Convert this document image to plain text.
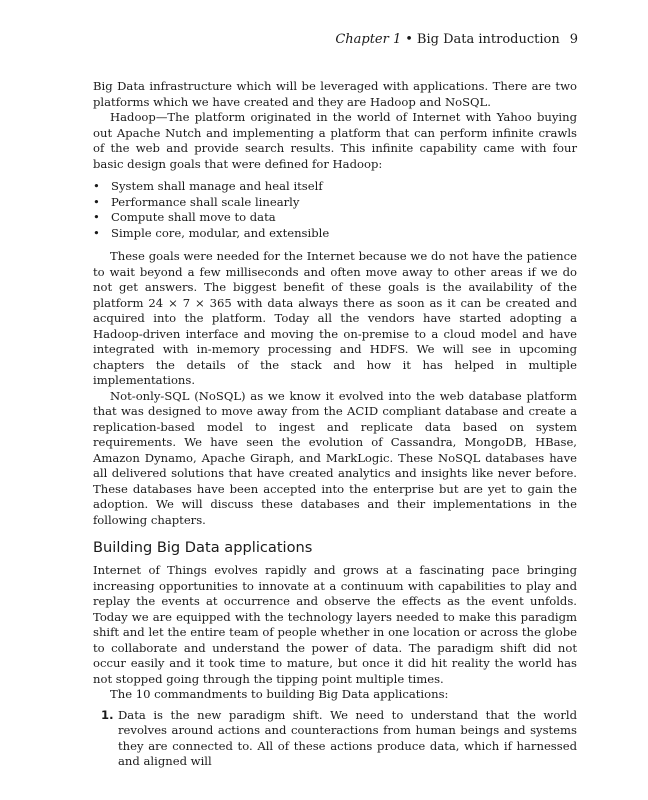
Chapter 1 • Big Data introduction 9

Big Data infrastructure which will be leveraged with applications. There are two platforms which we have created and they are Hadoop and NoSQL.

Hadoop—The platform originated in the world of Internet with Yahoo buying out Apache Nutch and implementing a platform that can perform infinite crawls of the web and provide search results. This infinite capability came with four basic design goals that were defined for Hadoop:

• System shall manage and heal itself
• Performance shall scale linearly
• Compute shall move to data
• Simple core, modular, and extensible

These goals were needed for the Internet because we do not have the patience to wait beyond a few milliseconds and often move away to other areas if we do not get answers. The biggest benefit of these goals is the availability of the platform 24 × 7 × 365 with data always there as soon as it can be created and acquired into the platform. Today all the vendors have started adopting a Hadoop-driven interface and moving the on-premise to a cloud model and have integrated with in-memory processing and HDFS. We will see in upcoming chapters the details of the stack and how it has helped in multiple implementations.

Not-only-SQL (NoSQL) as we know it evolved into the web database platform that was designed to move away from the ACID compliant database and create a replication-based model to ingest and replicate data based on system requirements. We have seen the evolution of Cassandra, MongoDB, HBase, Amazon Dynamo, Apache Giraph, and MarkLogic. These NoSQL databases have all delivered solutions that have created analytics and insights like never before. These databases have been accepted into the enterprise but are yet to gain the adoption. We will discuss these databases and their implementations in the following chapters.

Building Big Data applications

Internet of Things evolves rapidly and grows at a fascinating pace bringing increasing opportunities to innovate at a continuum with capabilities to play and replay the events at occurrence and observe the effects as the event unfolds. Today we are equipped with the technology layers needed to make this paradigm shift and let the entire team of people whether in one location or across the globe to collaborate and understand the power of data. The paradigm shift did not occur easily and it took time to mature, but once it did hit reality the world has not stopped going through the tipping point multiple times.

The 10 commandments to building Big Data applications:

1. Data is the new paradigm shift. We need to understand that the world revolves around actions and counteractions from human beings and systems they are connected to. All of these actions produce data, which if harnessed and aligned will
